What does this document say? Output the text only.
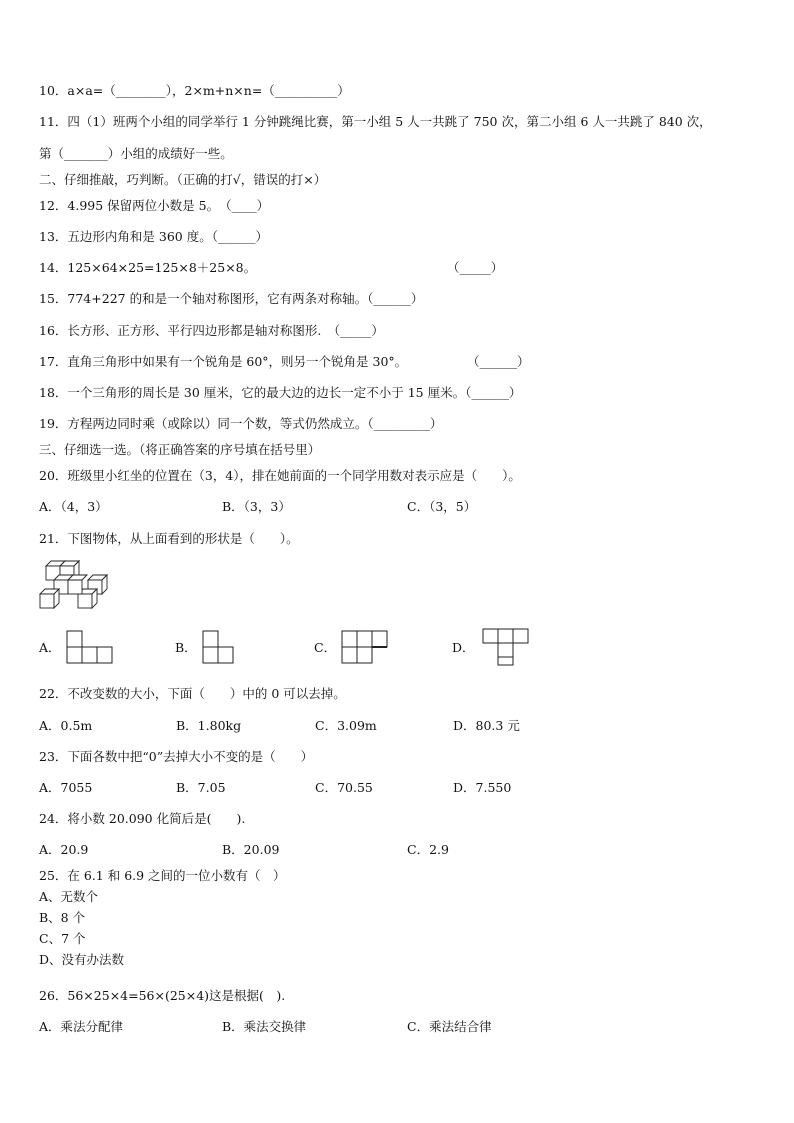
10．a×a=（________），2×m+n×n=（__________）
11．四（1）班两个小组的同学举行 1 分钟跳绳比赛，第一小组 5 人一共跳了 750 次，第二小组 6 人一共跳了 840 次，
第（_______）小组的成绩好一些。
二、仔细推敲，巧判断。（正确的打√，错误的打×）
12．4.995 保留两位小数是 5。　（____）
13．五边形内角和是 360 度。（______）
14．125×64×25=125×8＋25×8。	（_____）
15．774+227 的和是一个轴对称图形，它有两条对称轴。（______）
16．长方形、正方形、平行四边形都是轴对称图形.　（_____）
17．直角三角形中如果有一个锐角是 60°，则另一个锐角是 30°。	（______）
18．一个三角形的周长是 30 厘米，它的最大边的边长一定不小于 15 厘米。（______）
19．方程两边同时乘（或除以）同一个数，等式仍然成立。（_________）
三、仔细选一选。（将正确答案的序号填在括号里）
20．班级里小红坐的位置在（3，4），排在她前面的一个同学用数对表示应是（　　）。
A．（4，3）	B．（3，3）	C．（3，5）
21．下图物体，从上面看到的形状是（　　）。
A．	B．	C．	D．
22．不改变数的大小，下面（　　）中的 0 可以去掉。
A．0.5m	B．1.80kg	C．3.09m	D．80.3 元
23．下面各数中把“0”去掉大小不变的是（　　）
A．7055	B．7.05	C．70.55	D．7.550
24．将小数 20.090 化简后是(　　).
A．20.9	B．20.09	C．2.9
25．在 6.1 和 6.9 之间的一位小数有（　）
A、无数个
B、8 个
C、7 个
D、没有办法数
26．56×25×4=56×(25×4)这是根据(　).
A．乘法分配律	B．乘法交换律	C．乘法结合律
